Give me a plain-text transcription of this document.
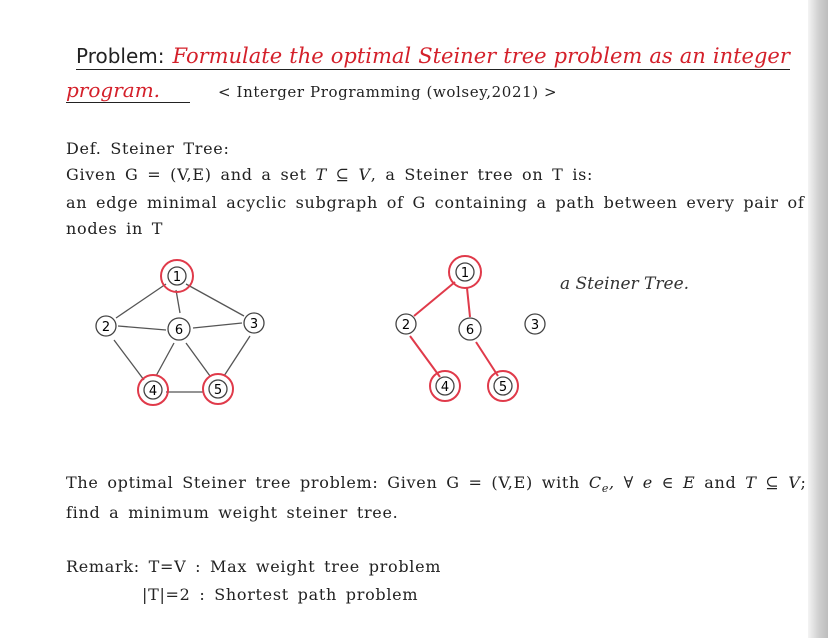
Problem: Formulate the optimal Steiner tree problem as an integer
program.	< Interger Programming (wolsey,2021) >
Def. Steiner Tree:
Given G = (V,E) and a set T ⊆ V, a Steiner tree on T is:
an edge minimal acyclic subgraph of G containing a path between every pair of
nodes in T
1
2	3
6
4	5
1
2	6	3
4	5
a Steiner Tree.
The optimal Steiner tree problem: Given G = (V,E) with $C_e$, ∀ e ∈ E and T ⊆ V;
find a minimum weight steiner tree.
Remark: T=V : Max weight tree problem
|T|=2 : Shortest path problem
